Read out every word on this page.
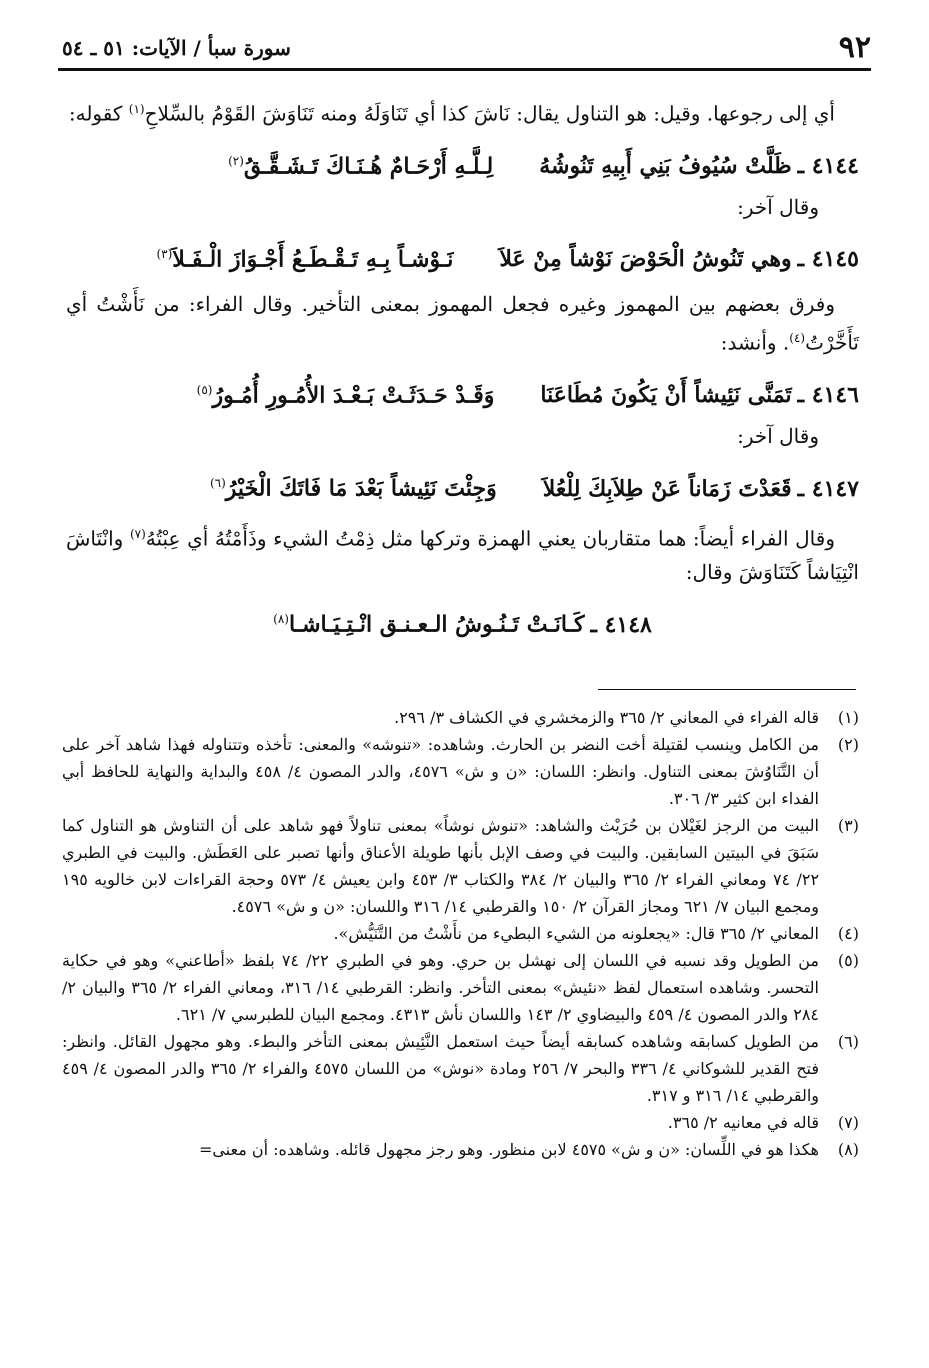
٩٢
سورة سبأ / الآيات: ٥١ ـ ٥٤

أي إلى رجوعها. وقيل: هو التناول يقال: نَاشَ كذا أي تَنَاوَلَهُ ومنه تَنَاوَشَ القَوْمُ بالسِّلاحِ$^{(١)}$ كقوله:

٤١٤٤ ـ
ظَلَّتْ سُيُوفُ بَنِي أَبِيهِ تَنُوشُهُ
لِـلَّـهِ أَرْحَـامٌ هُـنَـاكَ تَـشَـقَّـقُ$^{(٢)}$

وقال آخر:

٤١٤٥ ـ
وهي تَنُوشُ الْحَوْضَ نَوْشاً مِنْ عَلاَ
نَـوْشـاً بِـهِ تَـقْـطَـعُ أَجْـوَازَ الْـفَـلاَ$^{(٣)}$

وفرق بعضهم بين المهموز وغيره فجعل المهموز بمعنى التأخير. وقال الفراء: من نَأَشْتُ أي تَأَخَّرْتُ$^{(٤)}$. وأنشد:

٤١٤٦ ـ
تَمَنَّى نَئِيشاً أَنْ يَكُونَ مُطَاعَنَا
وَقَـدْ حَـدَثَـتْ بَـعْـدَ الأُمُـورِ أُمُـورُ$^{(٥)}$

وقال آخر:

٤١٤٧ ـ
قَعَدْتَ زَمَاناً عَنْ طِلاَبِكَ لِلْعُلاَ
وَجِئْتَ نَئِيشاً بَعْدَ مَا فَاتَكَ الْخَيْرُ$^{(٦)}$

وقال الفراء أيضاً: هما متقاربان يعني الهمزة وتركها مثل ذِمْتُ الشيء وذَأَمْتُهُ أي عِبْتُهُ$^{(٧)}$ وانْتَاشَ انْتِيَاشاً كَتَنَاوَشَ وقال:

٤١٤٨ ـ
كَـانَـتْ تَـنُـوشُ الـعـنـق انْـتِـيَـاشـا$^{(٨)}$
(١)
قاله الفراء في المعاني ٢/ ٣٦٥ والزمخشري في الكشاف ٣/ ٢٩٦.
(٢)
من الكامل وينسب لقتيلة أخت النضر بن الحارث. وشاهده: «تنوشه» والمعنى: تأخذه وتتناوله فهذا شاهد آخر على أن التَّنَاوُشَ بمعنى التناول. وانظر: اللسان: «ن و ش» ٤٥٧٦، والدر المصون ٤/ ٤٥٨ والبداية والنهاية للحافظ أبي الفداء ابن كثير ٣/ ٣٠٦.
(٣)
البيت من الرجز لغَيْلان بن حُرَيْث والشاهد: «تنوش نوشاً» بمعنى تناولاً فهو شاهد على أن التناوش هو التناول كما سَبَقَ في البيتين السابقين. والبيت في وصف الإبل بأنها طويلة الأعناق وأنها تصبر على العَطَش. والبيت في الطبري ٢٢/ ٧٤ ومعاني الفراء ٢/ ٣٦٥ والبيان ٢/ ٣٨٤ والكتاب ٣/ ٤٥٣ وابن يعيش ٤/ ٥٧٣ وحجة القراءات لابن خالويه ١٩٥ ومجمع البيان ٧/ ٦٢١ ومجاز القرآن ٢/ ١٥٠ والقرطبي ١٤/ ٣١٦ واللسان: «ن و ش» ٤٥٧٦.
(٤)
المعاني ٢/ ٣٦٥ قال: «يجعلونه من الشيء البطيء من نأَشْتُ من التَّنَيُّش».
(٥)
من الطويل وقد نسبه في اللسان إلى نهشل بن حري. وهو في الطبري ٢٢/ ٧٤ بلفظ «أطاعني» وهو في حكاية التحسر. وشاهده استعمال لفظ «نئيش» بمعنى التأخر. وانظر: القرطبي ١٤/ ٣١٦، ومعاني الفراء ٢/ ٣٦٥ والبيان ٢/ ٢٨٤ والدر المصون ٤/ ٤٥٩ والبيضاوي ٢/ ١٤٣ واللسان نأش ٤٣١٣. ومجمع البيان للطبرسي ٧/ ٦٢١.
(٦)
من الطويل كسابقه وشاهده كسابقه أيضاً حيث استعمل النَّئِيش بمعنى التأخر والبطء. وهو مجهول القائل. وانظر: فتح القدير للشوكاني ٤/ ٣٣٦ والبحر ٧/ ٢٥٦ ومادة «نوش» من اللسان ٤٥٧٥ والفراء ٢/ ٣٦٥ والدر المصون ٤/ ٤٥٩ والقرطبي ١٤/ ٣١٦ و ٣١٧.
(٧)
قاله في معانيه ٢/ ٣٦٥.
(٨)
هكذا هو في اللِّسان: «ن و ش» ٤٥٧٥ لابن منظور. وهو رجز مجهول قائله. وشاهده: أن معنى=
